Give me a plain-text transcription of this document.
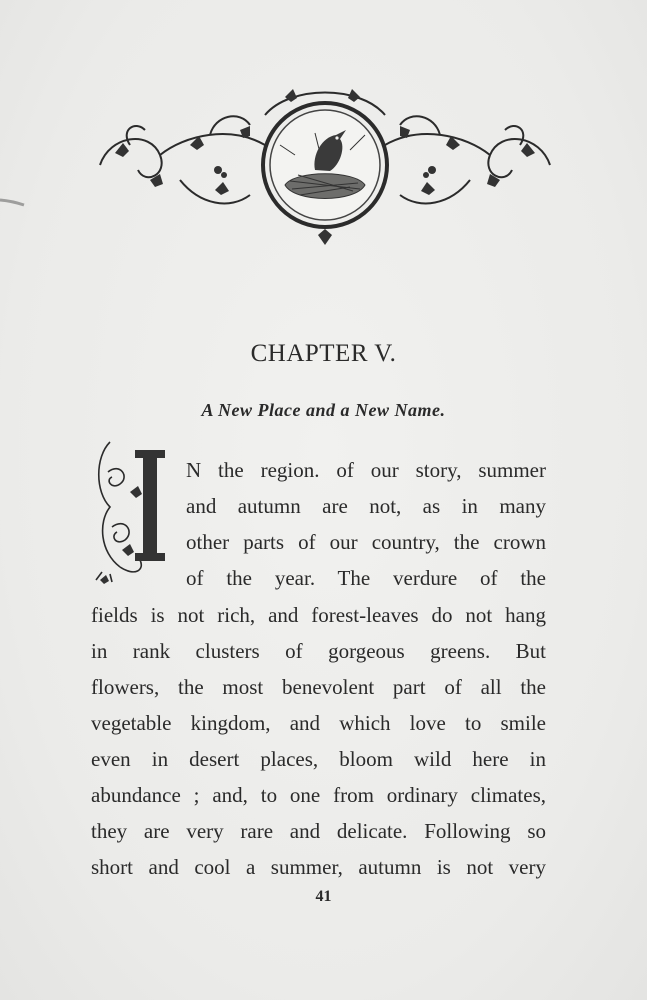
CHAPTER V.
A New Place and a New Name.
I
N the region. of our story, summer
and autumn are not, as in many
other parts of our country, the crown
of the year. The verdure of the
fields is not rich, and forest-leaves do not hang
in rank clusters of gorgeous greens. But
flowers, the most benevolent part of all the
vegetable kingdom, and which love to smile
even in desert places, bloom wild here in
abundance ; and, to one from ordinary climates,
they are very rare and delicate. Following so
short and cool a summer, autumn is not very
41
